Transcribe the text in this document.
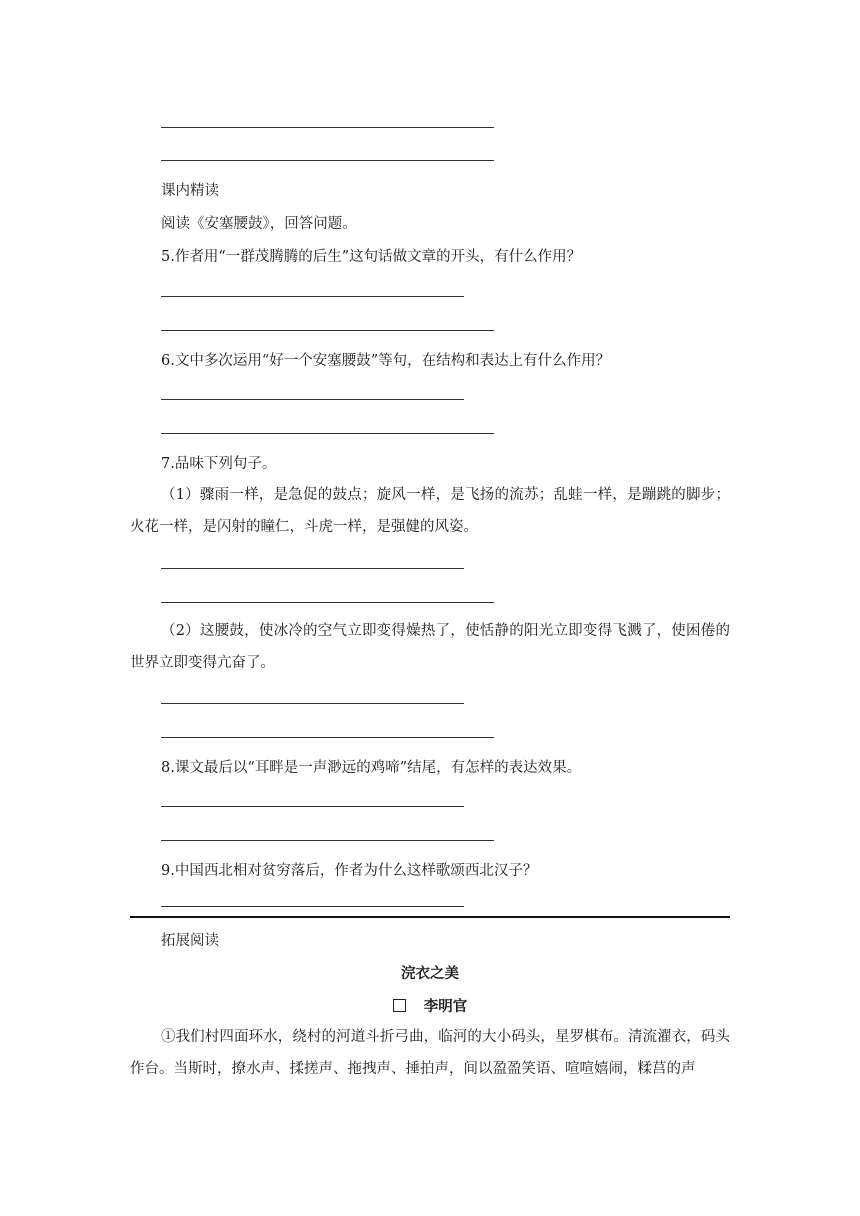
课内精读
阅读《安塞腰鼓》，回答问题。
5.作者用“一群茂腾腾的后生”这句话做文章的开头，有什么作用？
6.文中多次运用“好一个安塞腰鼓”等句，在结构和表达上有什么作用？
7.品味下列句子。
（1）骤雨一样，是急促的鼓点；旋风一样，是飞扬的流苏；乱蛙一样，是蹦跳的脚步；火花一样，是闪射的瞳仁，斗虎一样，是强健的风姿。
（2）这腰鼓，使冰冷的空气立即变得燥热了，使恬静的阳光立即变得飞溅了，使困倦的世界立即变得亢奋了。
8.课文最后以“耳畔是一声渺远的鸡啼”结尾，有怎样的表达效果。
9.中国西北相对贫穷落后，作者为什么这样歌颂西北汉子？
拓展阅读
浣衣之美
李明官
①我们村四面环水，绕村的河道斗折弓曲，临河的大小码头，星罗棋布。清流濯衣，码头作台。当斯时，撩水声、揉搓声、拖拽声、捶拍声，间以盈盈笑语、喧喧嬉闹，糅莒的声
